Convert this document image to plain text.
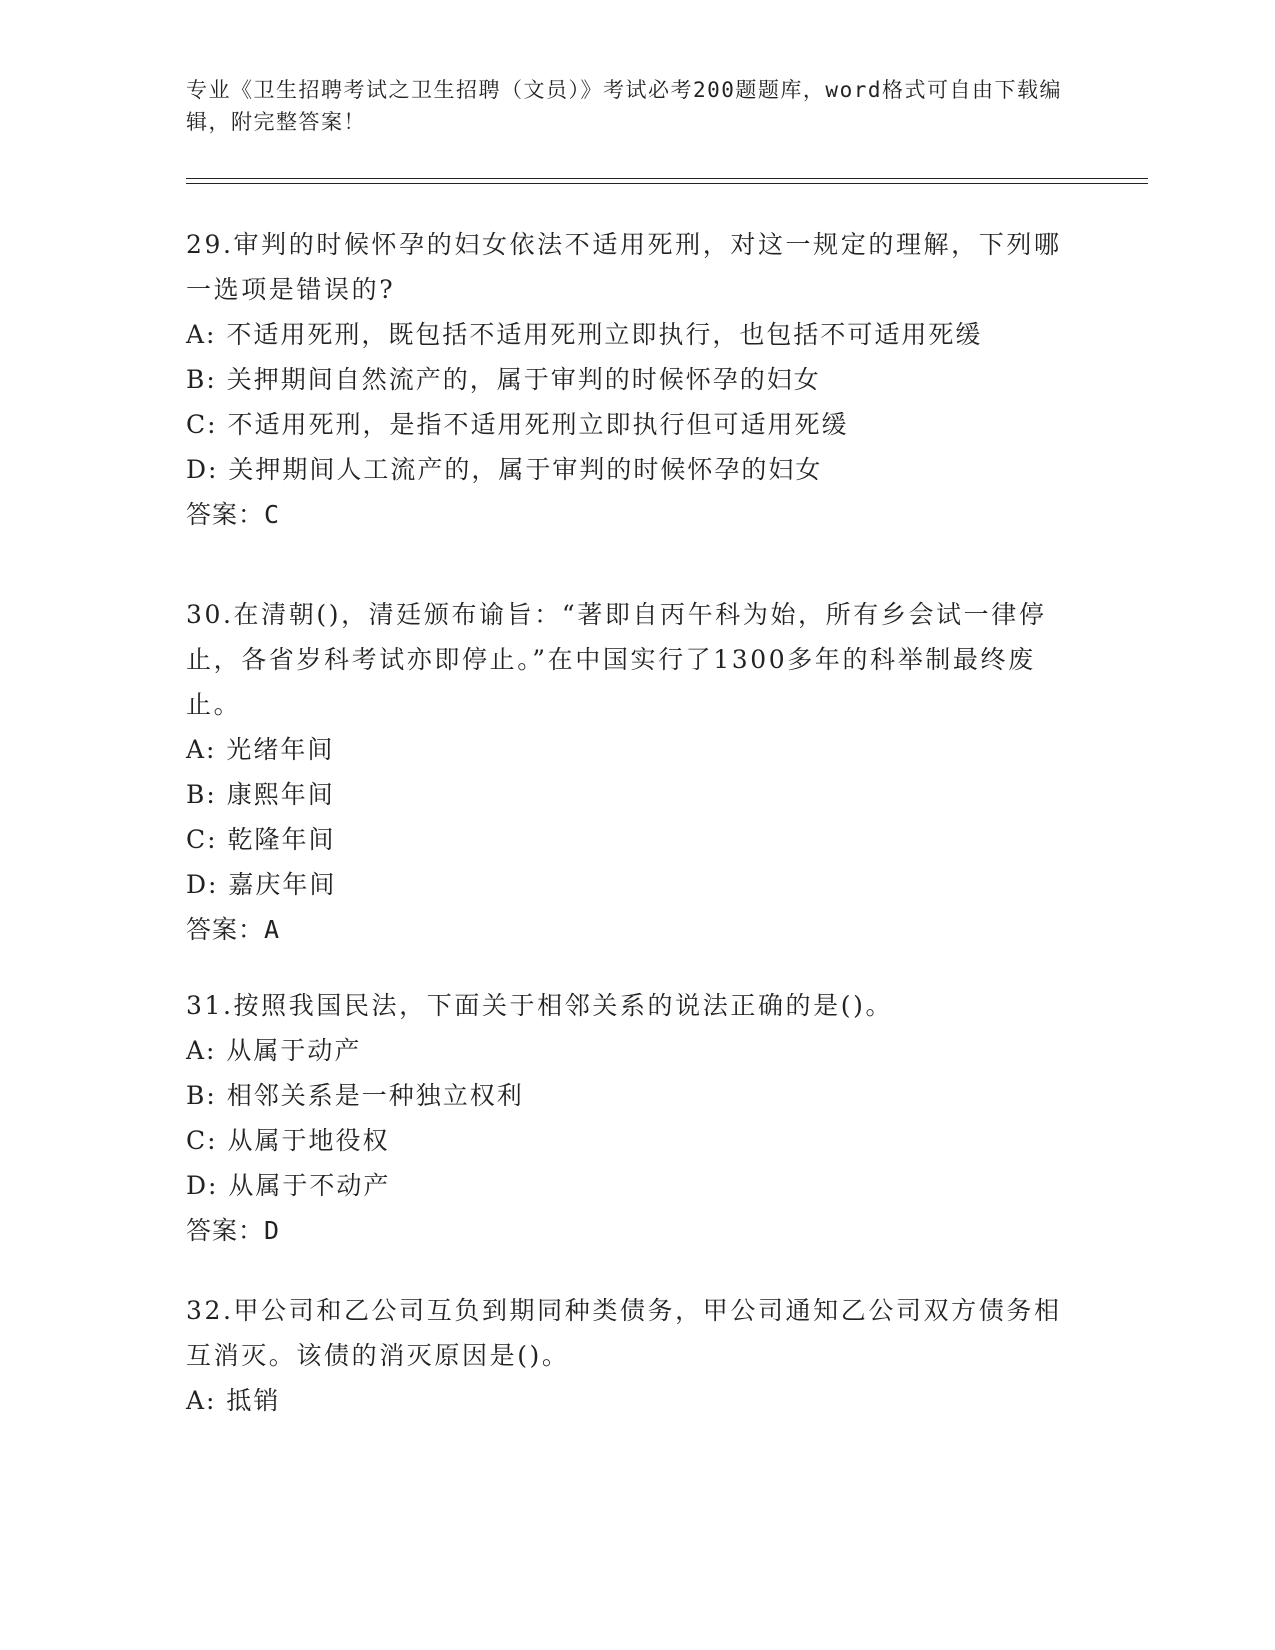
专业《卫生招聘考试之卫生招聘（文员）》考试必考200题题库，word格式可自由下载编辑，附完整答案！
29.审判的时候怀孕的妇女依法不适用死刑，对这一规定的理解，下列哪一选项是错误的?
A: 不适用死刑，既包括不适用死刑立即执行，也包括不可适用死缓
B: 关押期间自然流产的，属于审判的时候怀孕的妇女
C: 不适用死刑，是指不适用死刑立即执行但可适用死缓
D: 关押期间人工流产的，属于审判的时候怀孕的妇女
答案：C
30.在清朝()，清廷颁布谕旨：“著即自丙午科为始，所有乡会试一律停止，各省岁科考试亦即停止。”在中国实行了1300多年的科举制最终废止。
A: 光绪年间
B: 康熙年间
C: 乾隆年间
D: 嘉庆年间
答案：A
31.按照我国民法，下面关于相邻关系的说法正确的是()。
A: 从属于动产
B: 相邻关系是一种独立权利
C: 从属于地役权
D: 从属于不动产
答案：D
32.甲公司和乙公司互负到期同种类债务，甲公司通知乙公司双方债务相互消灭。该债的消灭原因是()。
A: 抵销
